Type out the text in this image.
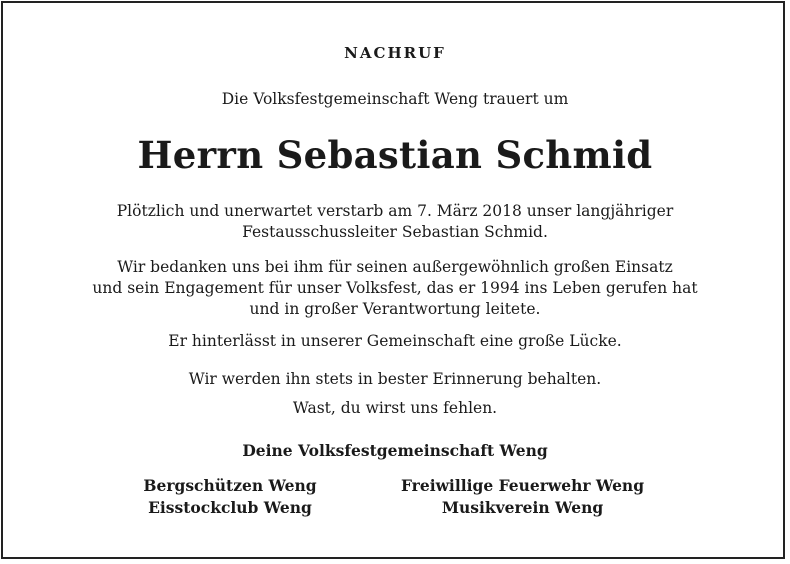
NACHRUF
Die Volksfestgemeinschaft Weng trauert um
Herrn Sebastian Schmid
Plötzlich und unerwartet verstarb am 7. März 2018 unser langjähriger
Festausschussleiter Sebastian Schmid.
Wir bedanken uns bei ihm für seinen außergewöhnlich großen Einsatz
und sein Engagement für unser Volksfest, das er 1994 ins Leben gerufen hat
und in großer Verantwortung leitete.
Er hinterlässt in unserer Gemeinschaft eine große Lücke.
Wir werden ihn stets in bester Erinnerung behalten.
Wast, du wirst uns fehlen.
Deine Volksfestgemeinschaft Weng
Bergschützen Weng
Eisstockclub Weng
Freiwillige Feuerwehr Weng
Musikverein Weng
